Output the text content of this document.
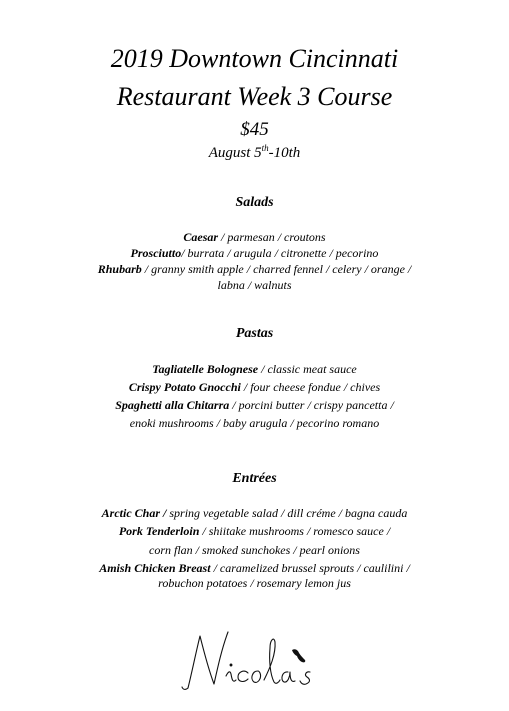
2019 Downtown Cincinnati
Restaurant Week 3 Course
$45
August 5th-10th
Salads
Caesar / parmesan / croutons
Prosciutto/ burrata / arugula / citronette / pecorino
Rhubarb / granny smith apple / charred fennel / celery / orange /
labna / walnuts
Pastas
Tagliatelle Bolognese / classic meat sauce
Crispy Potato Gnocchi / four cheese fondue / chives
Spaghetti alla Chitarra / porcini butter / crispy pancetta /
enoki mushrooms / baby arugula / pecorino romano
Entrées
Arctic Char / spring vegetable salad / dill créme / bagna cauda
Pork Tenderloin / shiitake mushrooms / romesco sauce /
corn flan / smoked sunchokes / pearl onions
Amish Chicken Breast / caramelized brussel sprouts / caulilini /
robuchon potatoes / rosemary lemon jus
